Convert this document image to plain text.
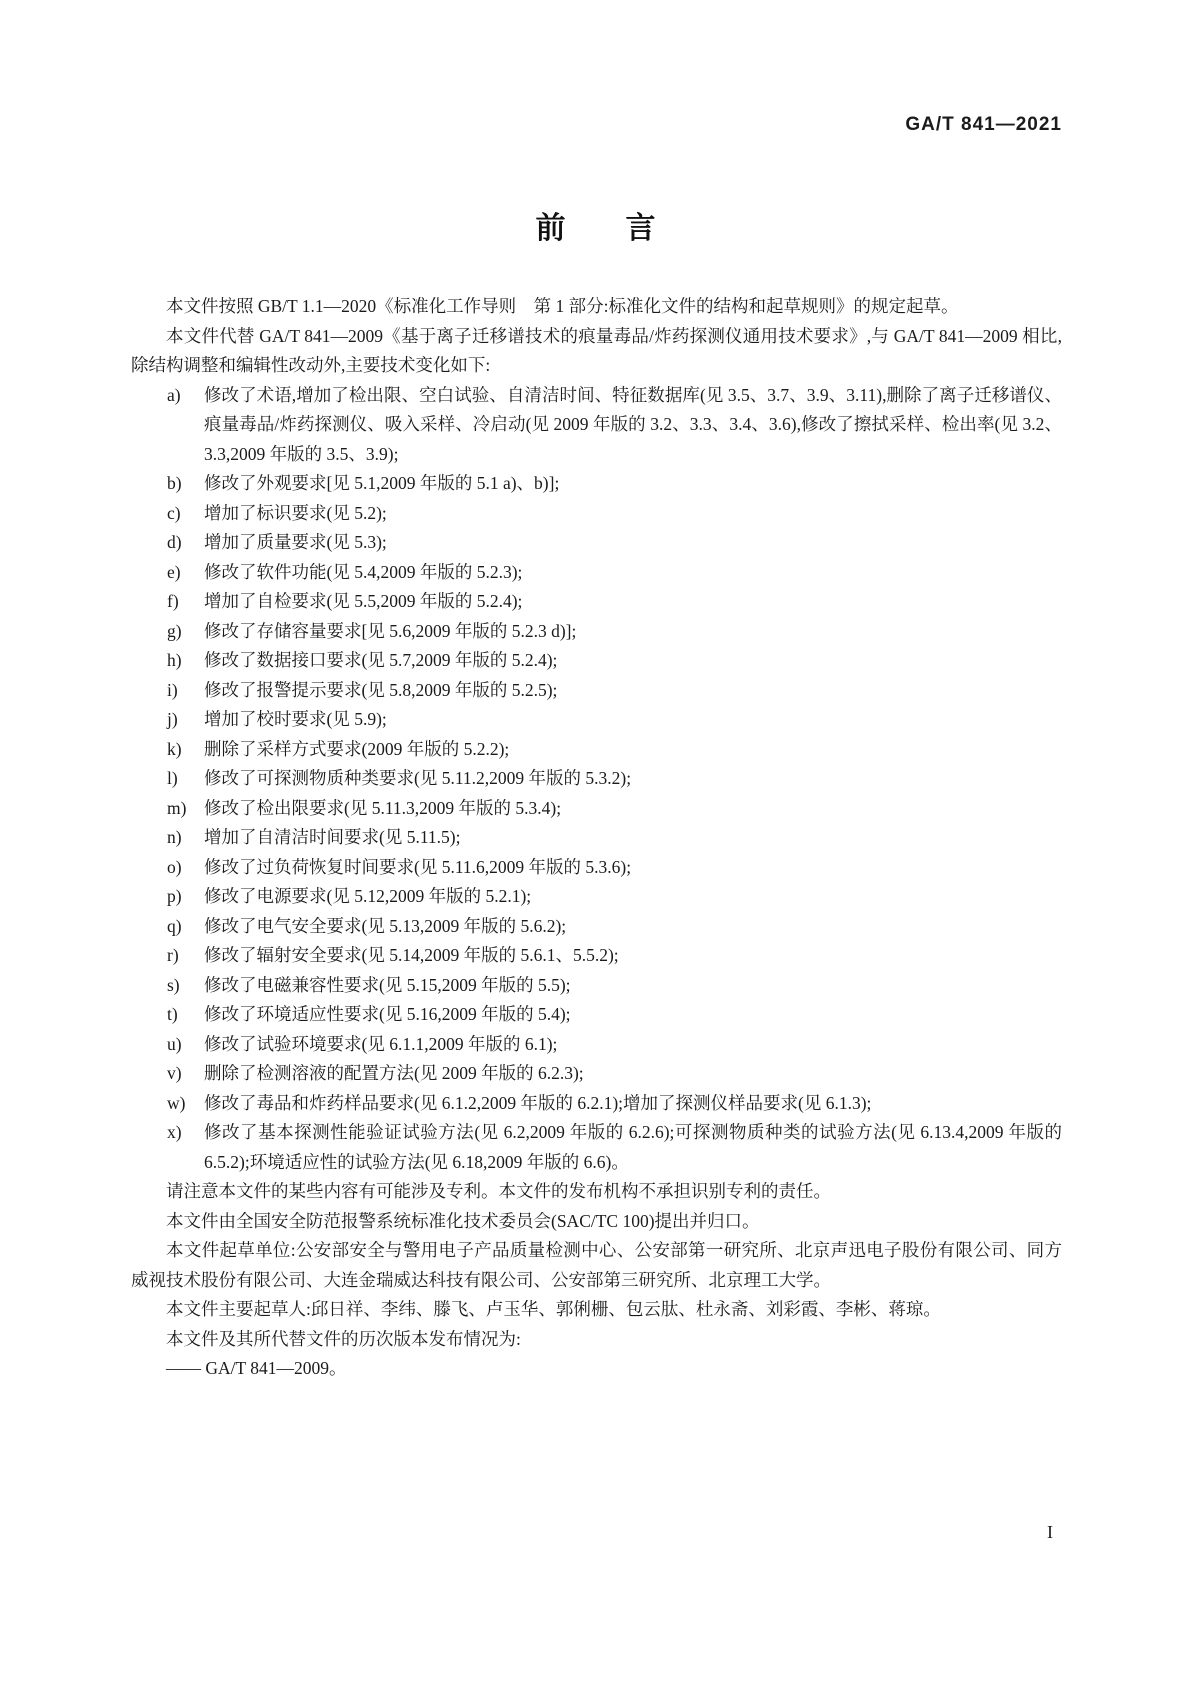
GA/T 841—2021
前　　言

本文件按照 GB/T 1.1—2020《标准化工作导则　第 1 部分:标准化文件的结构和起草规则》的规定起草。

本文件代替 GA/T 841—2009《基于离子迁移谱技术的痕量毒品/炸药探测仪通用技术要求》,与 GA/T 841—2009 相比,除结构调整和编辑性改动外,主要技术变化如下:

a) 修改了术语,增加了检出限、空白试验、自清洁时间、特征数据库(见 3.5、3.7、3.9、3.11),删除了离子迁移谱仪、痕量毒品/炸药探测仪、吸入采样、冷启动(见 2009 年版的 3.2、3.3、3.4、3.6),修改了擦拭采样、检出率(见 3.2、3.3,2009 年版的 3.5、3.9);
b) 修改了外观要求[见 5.1,2009 年版的 5.1 a)、b)];
c) 增加了标识要求(见 5.2);
d) 增加了质量要求(见 5.3);
e) 修改了软件功能(见 5.4,2009 年版的 5.2.3);
f) 增加了自检要求(见 5.5,2009 年版的 5.2.4);
g) 修改了存储容量要求[见 5.6,2009 年版的 5.2.3 d)];
h) 修改了数据接口要求(见 5.7,2009 年版的 5.2.4);
i) 修改了报警提示要求(见 5.8,2009 年版的 5.2.5);
j) 增加了校时要求(见 5.9);
k) 删除了采样方式要求(2009 年版的 5.2.2);
l) 修改了可探测物质种类要求(见 5.11.2,2009 年版的 5.3.2);
m) 修改了检出限要求(见 5.11.3,2009 年版的 5.3.4);
n) 增加了自清洁时间要求(见 5.11.5);
o) 修改了过负荷恢复时间要求(见 5.11.6,2009 年版的 5.3.6);
p) 修改了电源要求(见 5.12,2009 年版的 5.2.1);
q) 修改了电气安全要求(见 5.13,2009 年版的 5.6.2);
r) 修改了辐射安全要求(见 5.14,2009 年版的 5.6.1、5.5.2);
s) 修改了电磁兼容性要求(见 5.15,2009 年版的 5.5);
t) 修改了环境适应性要求(见 5.16,2009 年版的 5.4);
u) 修改了试验环境要求(见 6.1.1,2009 年版的 6.1);
v) 删除了检测溶液的配置方法(见 2009 年版的 6.2.3);
w) 修改了毒品和炸药样品要求(见 6.1.2,2009 年版的 6.2.1);增加了探测仪样品要求(见 6.1.3);
x) 修改了基本探测性能验证试验方法(见 6.2,2009 年版的 6.2.6);可探测物质种类的试验方法(见 6.13.4,2009 年版的 6.5.2);环境适应性的试验方法(见 6.18,2009 年版的 6.6)。

请注意本文件的某些内容有可能涉及专利。本文件的发布机构不承担识别专利的责任。

本文件由全国安全防范报警系统标准化技术委员会(SAC/TC 100)提出并归口。

本文件起草单位:公安部安全与警用电子产品质量检测中心、公安部第一研究所、北京声迅电子股份有限公司、同方威视技术股份有限公司、大连金瑞威达科技有限公司、公安部第三研究所、北京理工大学。

本文件主要起草人:邱日祥、李纬、滕飞、卢玉华、郭俐栅、包云肽、杜永斋、刘彩霞、李彬、蒋琼。

本文件及其所代替文件的历次版本发布情况为:

—— GA/T 841—2009。

I
